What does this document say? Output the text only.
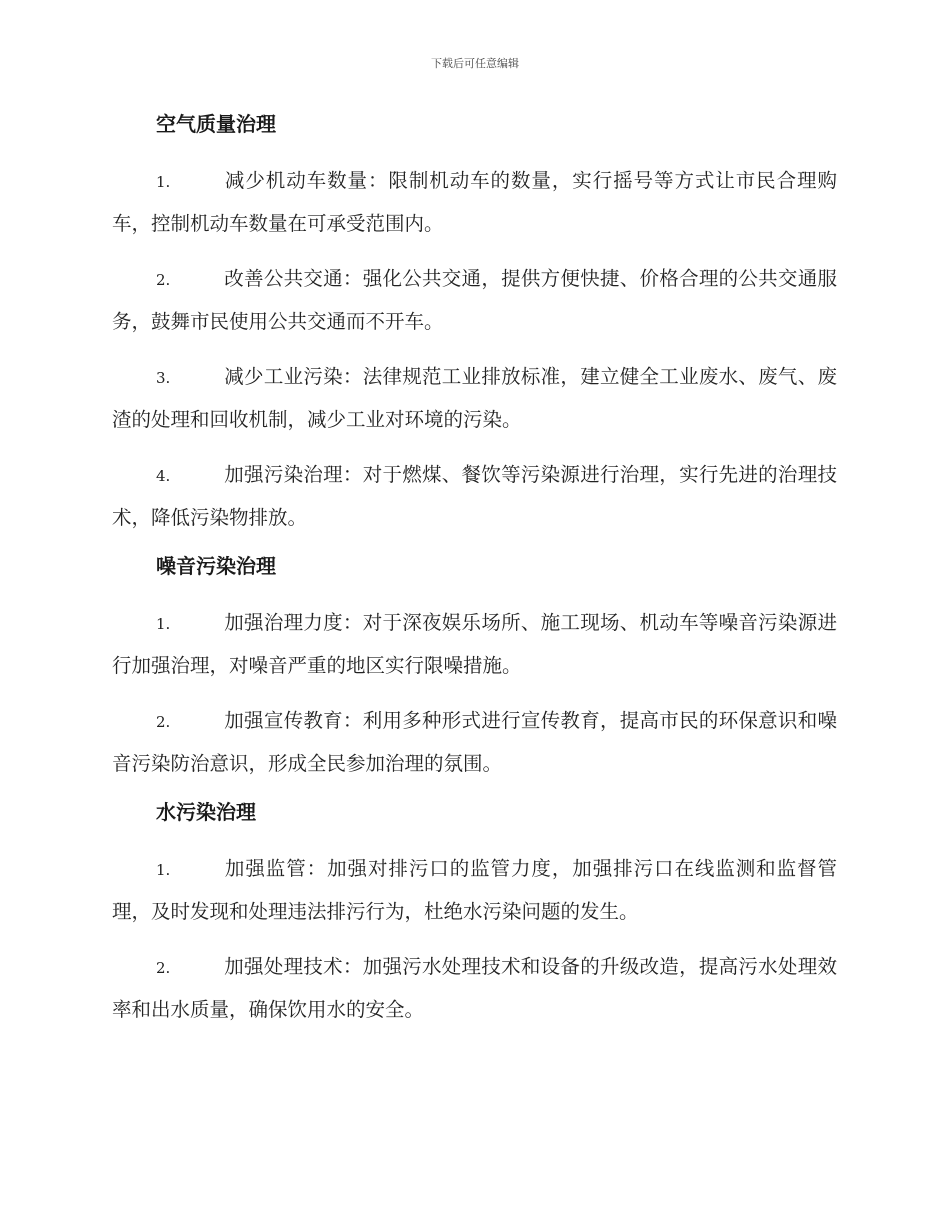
下载后可任意编辑
空气质量治理

1.	减少机动车数量：限制机动车的数量，实行摇号等方式让市民合理购车，控制机动车数量在可承受范围内。

2.	改善公共交通：强化公共交通，提供方便快捷、价格合理的公共交通服务，鼓舞市民使用公共交通而不开车。

3.	减少工业污染：法律规范工业排放标准，建立健全工业废水、废气、废渣的处理和回收机制，减少工业对环境的污染。

4.	加强污染治理：对于燃煤、餐饮等污染源进行治理，实行先进的治理技术，降低污染物排放。

噪音污染治理

1.	加强治理力度：对于深夜娱乐场所、施工现场、机动车等噪音污染源进行加强治理，对噪音严重的地区实行限噪措施。

2.	加强宣传教育：利用多种形式进行宣传教育，提高市民的环保意识和噪音污染防治意识，形成全民参加治理的氛围。

水污染治理

1.	加强监管：加强对排污口的监管力度，加强排污口在线监测和监督管理，及时发现和处理违法排污行为，杜绝水污染问题的发生。

2.	加强处理技术：加强污水处理技术和设备的升级改造，提高污水处理效率和出水质量，确保饮用水的安全。
